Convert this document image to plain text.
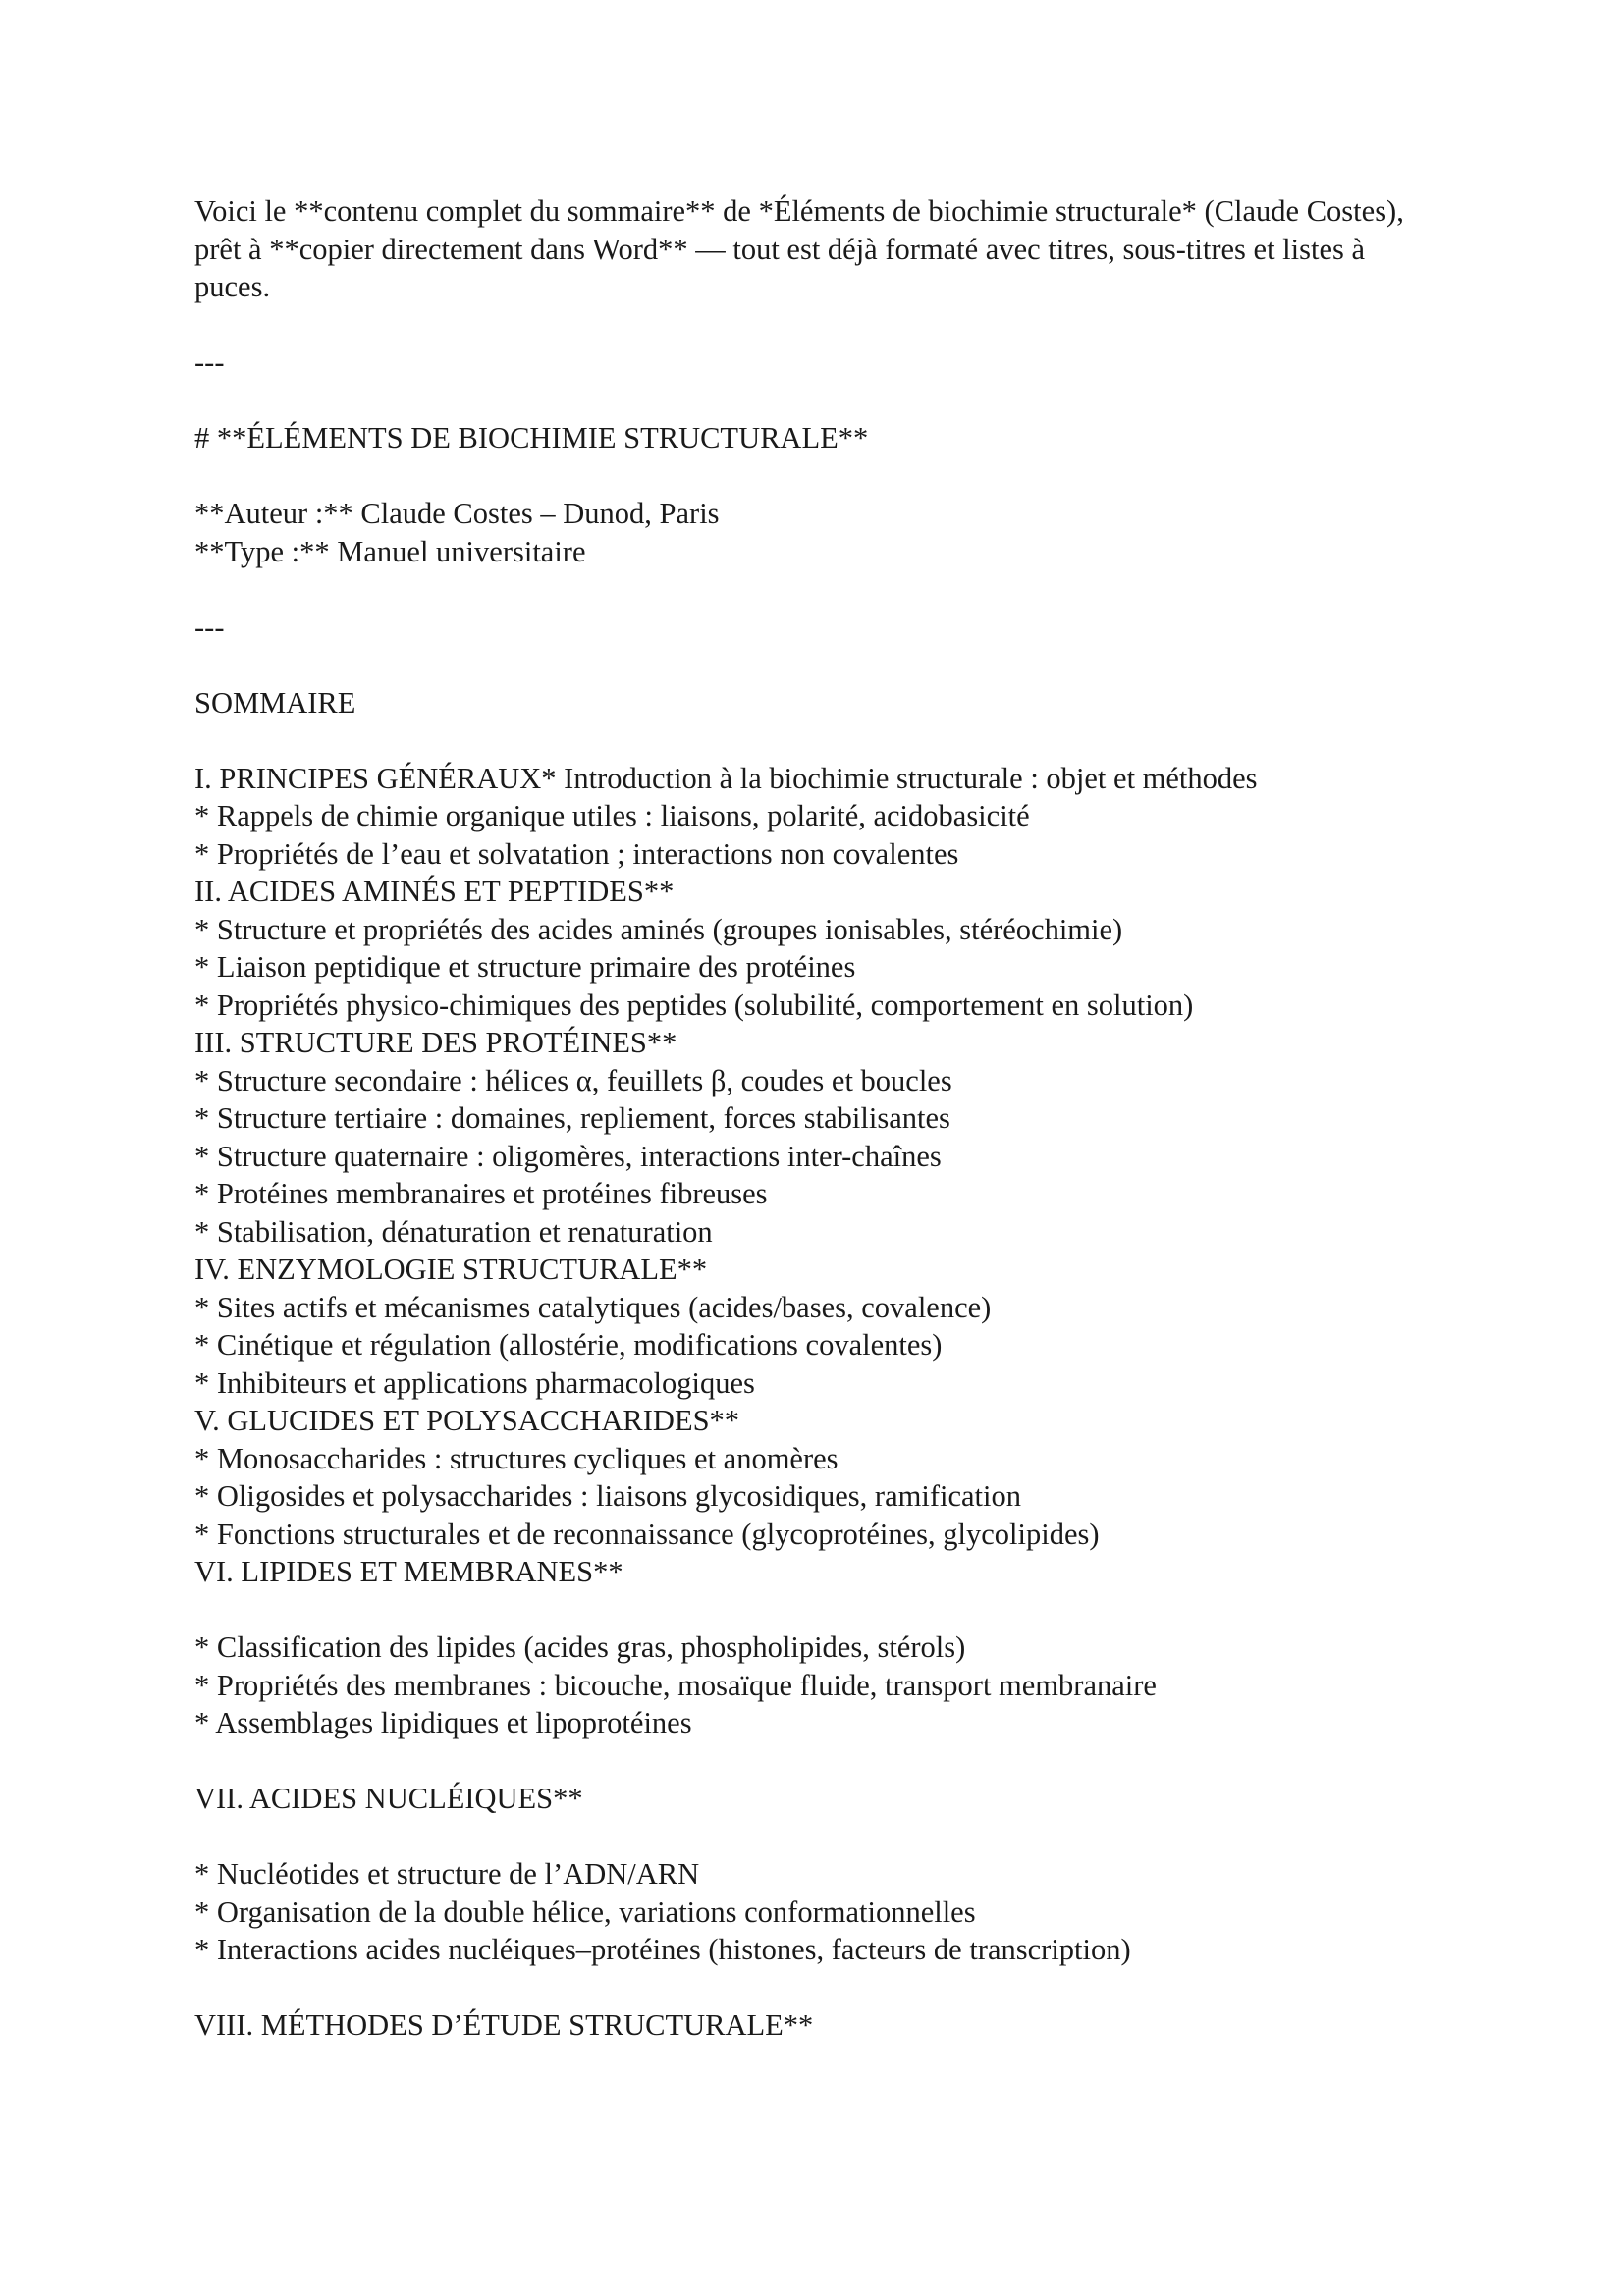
Voici le **contenu complet du sommaire** de *Éléments de biochimie structurale* (Claude Costes), prêt à **copier directement dans Word** — tout est déjà formaté avec titres, sous-titres et listes à puces.

---
# **ÉLÉMENTS DE BIOCHIMIE STRUCTURALE**
**Auteur :** Claude Costes – Dunod, Paris
**Type :** Manuel universitaire
---
SOMMAIRE
I. PRINCIPES GÉNÉRAUX* Introduction à la biochimie structurale : objet et méthodes
* Rappels de chimie organique utiles : liaisons, polarité, acidobasicité
* Propriétés de l’eau et solvatation ; interactions non covalentes
II. ACIDES AMINÉS ET PEPTIDES**
* Structure et propriétés des acides aminés (groupes ionisables, stéréochimie)
* Liaison peptidique et structure primaire des protéines
* Propriétés physico-chimiques des peptides (solubilité, comportement en solution)
III. STRUCTURE DES PROTÉINES**
* Structure secondaire : hélices α, feuillets β, coudes et boucles
* Structure tertiaire : domaines, repliement, forces stabilisantes
* Structure quaternaire : oligomères, interactions inter-chaînes
* Protéines membranaires et protéines fibreuses
* Stabilisation, dénaturation et renaturation
IV. ENZYMOLOGIE STRUCTURALE**
* Sites actifs et mécanismes catalytiques (acides/bases, covalence)
* Cinétique et régulation (allostérie, modifications covalentes)
* Inhibiteurs et applications pharmacologiques
V. GLUCIDES ET POLYSACCHARIDES**
* Monosaccharides : structures cycliques et anomères
* Oligosides et polysaccharides : liaisons glycosidiques, ramification
* Fonctions structurales et de reconnaissance (glycoprotéines, glycolipides)
VI. LIPIDES ET MEMBRANES**
* Classification des lipides (acides gras, phospholipides, stérols)
* Propriétés des membranes : bicouche, mosaïque fluide, transport membranaire
* Assemblages lipidiques et lipoprotéines
VII. ACIDES NUCLÉIQUES**
* Nucléotides et structure de l’ADN/ARN
* Organisation de la double hélice, variations conformationnelles
* Interactions acides nucléiques–protéines (histones, facteurs de transcription)
VIII. MÉTHODES D’ÉTUDE STRUCTURALE**
